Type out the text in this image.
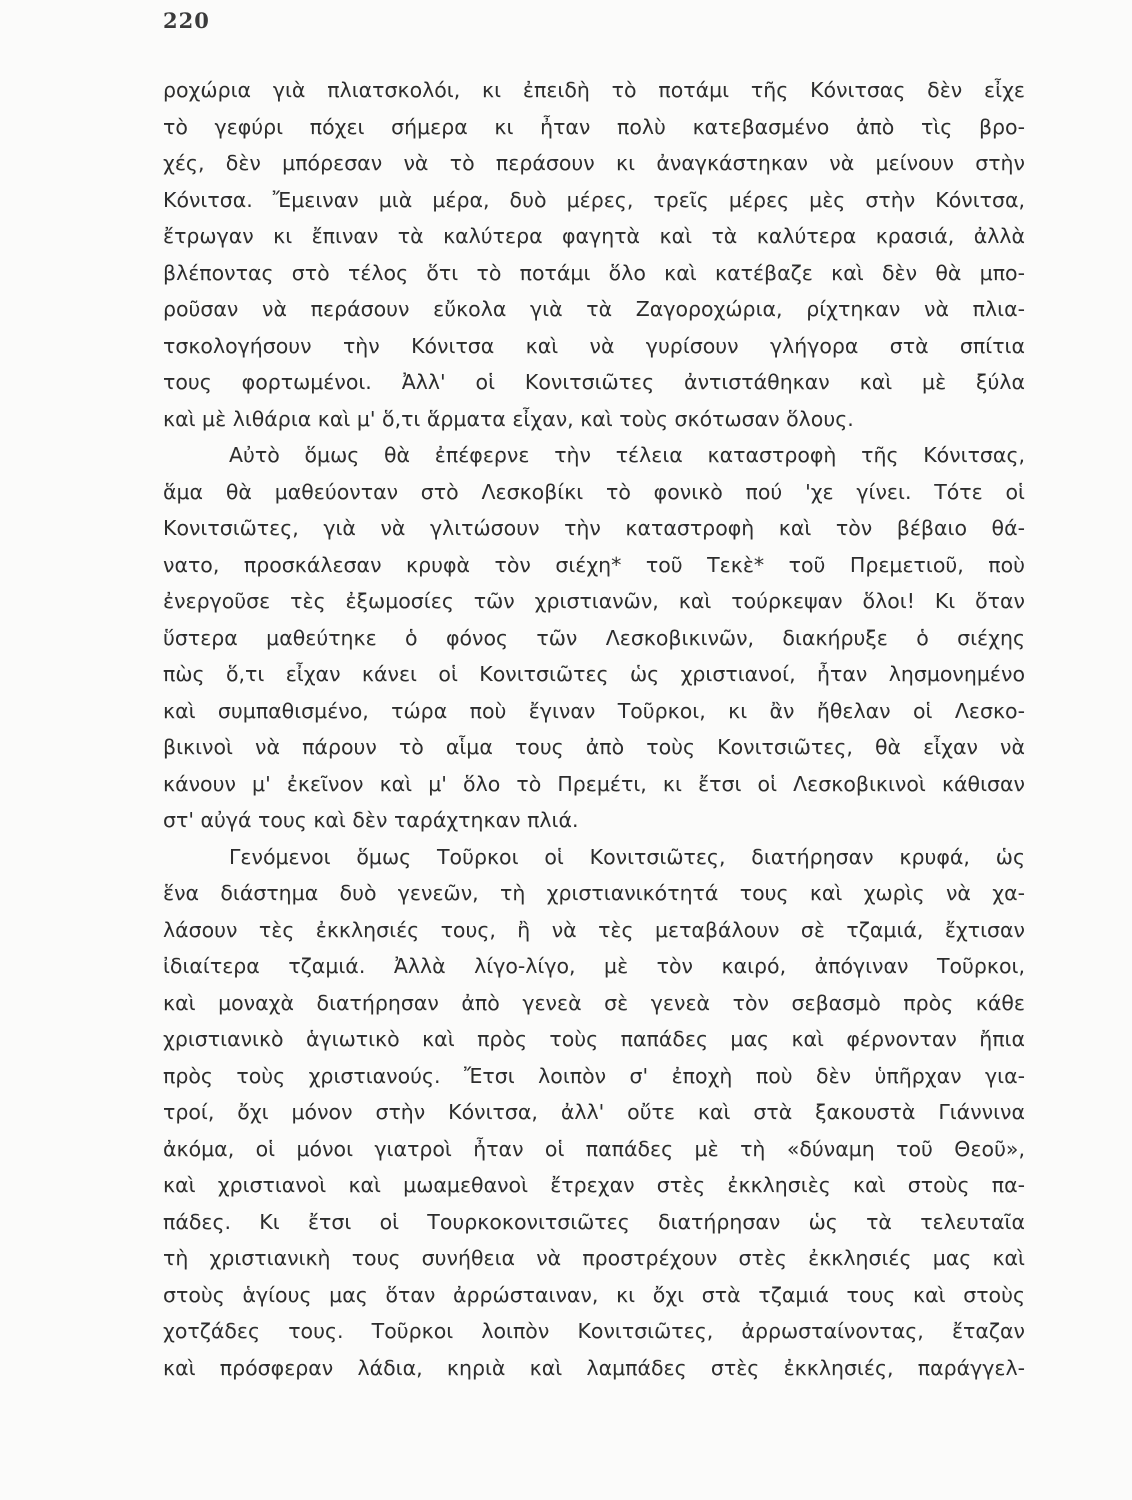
220
ροχώρια γιὰ πλιατσκολόι, κι ἐπειδὴ τὸ ποτάμι τῆς Κόνιτσας δὲν εἶχε
τὸ γεφύρι πόχει σήμερα κι ἦταν πολὺ κατεβασμένο ἀπὸ τὶς βρο-
χές, δὲν μπόρεσαν νὰ τὸ περάσουν κι ἀναγκάστηκαν νὰ μείνουν στὴν
Κόνιτσα. Ἔμειναν μιὰ μέρα, δυὸ μέρες, τρεῖς μέρες μὲς στὴν Κόνιτσα,
ἔτρωγαν κι ἔπιναν τὰ καλύτερα φαγητὰ καὶ τὰ καλύτερα κρασιά, ἀλλὰ
βλέποντας στὸ τέλος ὅτι τὸ ποτάμι ὅλο καὶ κατέβαζε καὶ δὲν θὰ μπο-
ροῦσαν νὰ περάσουν εὔκολα γιὰ τὰ Ζαγοροχώρια, ρίχτηκαν νὰ πλια-
τσκολογήσουν τὴν Κόνιτσα καὶ νὰ γυρίσουν γλήγορα στὰ σπίτια
τους φορτωμένοι. Ἀλλ' οἱ Κονιτσιῶτες ἀντιστάθηκαν καὶ μὲ ξύλα
καὶ μὲ λιθάρια καὶ μ' ὅ,τι ἅρματα εἶχαν, καὶ τοὺς σκότωσαν ὅλους.
Αὐτὸ ὅμως θὰ ἐπέφερνε τὴν τέλεια καταστροφὴ τῆς Κόνιτσας,
ἅμα θὰ μαθεύονταν στὸ Λεσκοβίκι τὸ φονικὸ πού 'χε γίνει. Τότε οἱ
Κονιτσιῶτες, γιὰ νὰ γλιτώσουν τὴν καταστροφὴ καὶ τὸν βέβαιο θά-
νατο, προσκάλεσαν κρυφὰ τὸν σιέχη* τοῦ Τεκὲ* τοῦ Πρεμετιοῦ, ποὺ
ἐνεργοῦσε τὲς ἐξωμοσίες τῶν χριστιανῶν, καὶ τούρκεψαν ὅλοι! Κι ὅταν
ὕστερα μαθεύτηκε ὁ φόνος τῶν Λεσκοβικινῶν, διακήρυξε ὁ σιέχης
πὼς ὅ,τι εἶχαν κάνει οἱ Κονιτσιῶτες ὡς χριστιανοί, ἦταν λησμονημένο
καὶ συμπαθισμένο, τώρα ποὺ ἔγιναν Τοῦρκοι, κι ἂν ἤθελαν οἱ Λεσκο-
βικινοὶ νὰ πάρουν τὸ αἷμα τους ἀπὸ τοὺς Κονιτσιῶτες, θὰ εἶχαν νὰ
κάνουν μ' ἐκεῖνον καὶ μ' ὅλο τὸ Πρεμέτι, κι ἔτσι οἱ Λεσκοβικινοὶ κάθισαν
στ' αὐγά τους καὶ δὲν ταράχτηκαν πλιά.
Γενόμενοι ὅμως Τοῦρκοι οἱ Κονιτσιῶτες, διατήρησαν κρυφά, ὡς
ἕνα διάστημα δυὸ γενεῶν, τὴ χριστιανικότητά τους καὶ χωρὶς νὰ χα-
λάσουν τὲς ἐκκλησιές τους, ἢ νὰ τὲς μεταβάλουν σὲ τζαμιά, ἔχτισαν
ἰδιαίτερα τζαμιά. Ἀλλὰ λίγο-λίγο, μὲ τὸν καιρό, ἀπόγιναν Τοῦρκοι,
καὶ μοναχὰ διατήρησαν ἀπὸ γενεὰ σὲ γενεὰ τὸν σεβασμὸ πρὸς κάθε
χριστιανικὸ ἁγιωτικὸ καὶ πρὸς τοὺς παπάδες μας καὶ φέρνονταν ἤπια
πρὸς τοὺς χριστιανούς. Ἔτσι λοιπὸν σ' ἐποχὴ ποὺ δὲν ὑπῆρχαν για-
τροί, ὄχι μόνον στὴν Κόνιτσα, ἀλλ' οὔτε καὶ στὰ ξακουστὰ Γιάννινα
ἀκόμα, οἱ μόνοι γιατροὶ ἦταν οἱ παπάδες μὲ τὴ «δύναμη τοῦ Θεοῦ»,
καὶ χριστιανοὶ καὶ μωαμεθανοὶ ἔτρεχαν στὲς ἐκκλησιὲς καὶ στοὺς πα-
πάδες. Κι ἔτσι οἱ Τουρκοκονιτσιῶτες διατήρησαν ὡς τὰ τελευταῖα
τὴ χριστιανικὴ τους συνήθεια νὰ προστρέχουν στὲς ἐκκλησιές μας καὶ
στοὺς ἁγίους μας ὅταν ἀρρώσταιναν, κι ὄχι στὰ τζαμιά τους καὶ στοὺς
χοτζάδες τους. Τοῦρκοι λοιπὸν Κονιτσιῶτες, ἀρρωσταίνοντας, ἔταζαν
καὶ πρόσφεραν λάδια, κηριὰ καὶ λαμπάδες στὲς ἐκκλησιές, παράγγελ-
